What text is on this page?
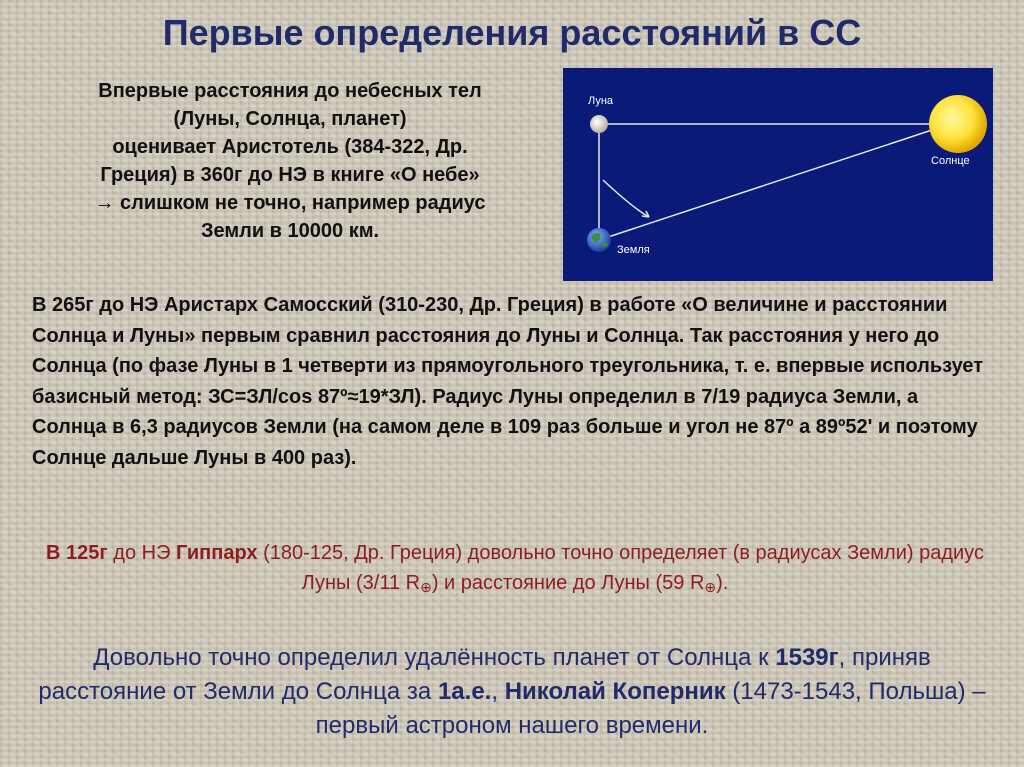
Первые определения расстояний в СС
Впервые расстояния до небесных тел
(Луны, Солнца, планет)
оценивает Аристотель (384-322, Др.
Греция) в 360г до НЭ в книге «О небе»
→ слишком не точно, например радиус
Земли в 10000 км.
Луна
Солнце
Земля

В 265г до НЭ Аристарх Самосский (310-230, Др. Греция) в работе «О величине и расстоянии Солнца и Луны» первым сравнил расстояния до Луны и Солнца. Так расстояния у него до Солнца (по фазе Луны в 1 четверти из прямоугольного треугольника, т. е. впервые использует базисный метод: ЗС=ЗЛ/cos 87º≈19*ЗЛ). Радиус Луны определил в 7/19 радиуса Земли, а Солнца в 6,3 радиусов Земли (на самом деле в 109 раз больше и угол не 87º а 89º52' и поэтому Солнце дальше Луны в 400 раз).

В 125г до НЭ Гиппарх (180-125, Др. Греция) довольно точно определяет (в радиусах Земли) радиус Луны (3/11 $R_\oplus$) и расстояние до Луны (59 $R_\oplus$).

Довольно точно определил удалённость планет от Солнца к 1539г, приняв расстояние от Земли до Солнца за 1а.е., Николай Коперник (1473-1543, Польша) –первый астроном нашего времени.
